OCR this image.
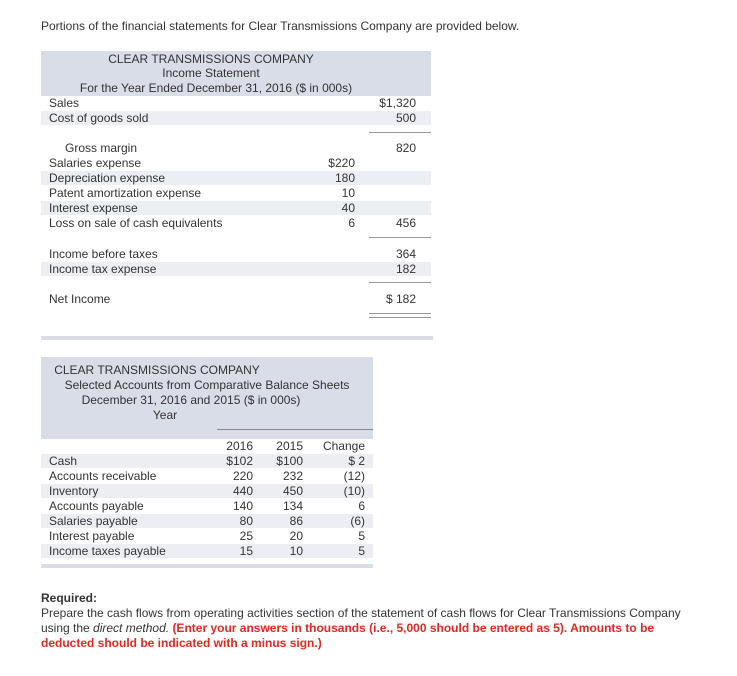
Portions of the financial statements for Clear Transmissions Company are provided below.
CLEAR TRANSMISSIONS COMPANY
Income Statement
For the Year Ended December 31, 2016 ($ in 000s)
Sales	$1,320
Cost of goods sold	500
Gross margin	820
Salaries expense	$220
Depreciation expense	180
Patent amortization expense	10
Interest expense	40
Loss on sale of cash equivalents	6	456
Income before taxes	364
Income tax expense	182
Net Income	$ 182
CLEAR TRANSMISSIONS COMPANY
Selected Accounts from Comparative Balance Sheets
December 31, 2016 and 2015 ($ in 000s)
Year
2016	2015	Change
Cash	$102	$100	$ 2
Accounts receivable	220	232	(12)
Inventory	440	450	(10)
Accounts payable	140	134	6
Salaries payable	80	86	(6)
Interest payable	25	20	5
Income taxes payable	15	10	5
Required:
Prepare the cash flows from operating activities section of the statement of cash flows for Clear Transmissions Company using the direct method. (Enter your answers in thousands (i.e., 5,000 should be entered as 5). Amounts to be deducted should be indicated with a minus sign.)
